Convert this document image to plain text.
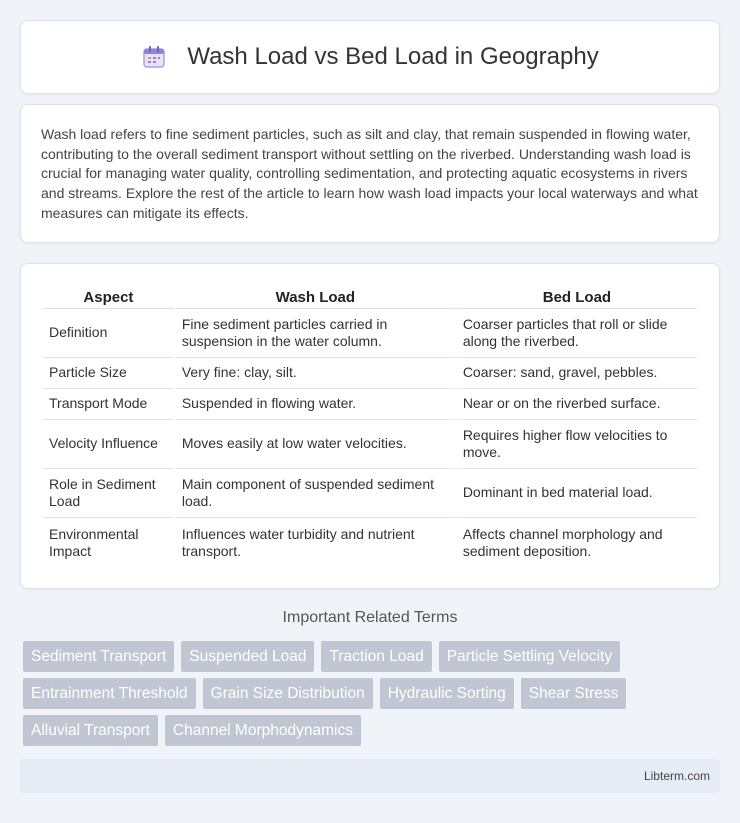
Wash Load vs Bed Load in Geography

Wash load refers to fine sediment particles, such as silt and clay, that remain suspended in flowing water, contributing to the overall sediment transport without settling on the riverbed. Understanding wash load is crucial for managing water quality, controlling sedimentation, and protecting aquatic ecosystems in rivers and streams. Explore the rest of the article to learn how wash load impacts your local waterways and what measures can mitigate its effects.

Aspect	Wash Load	Bed Load
Definition	Fine sediment particles carried in suspension in the water column.	Coarser particles that roll or slide along the riverbed.
Particle Size	Very fine: clay, silt.	Coarser: sand, gravel, pebbles.
Transport Mode	Suspended in flowing water.	Near or on the riverbed surface.
Velocity Influence	Moves easily at low water velocities.	Requires higher flow velocities to move.
Role in Sediment Load	Main component of suspended sediment load.	Dominant in bed material load.
Environmental Impact	Influences water turbidity and nutrient transport.	Affects channel morphology and sediment deposition.
Important Related Terms
Sediment Transport	Suspended Load	Traction Load	Particle Settling Velocity
Entrainment Threshold	Grain Size Distribution	Hydraulic Sorting	Shear Stress
Alluvial Transport	Channel Morphodynamics
Libterm.com
